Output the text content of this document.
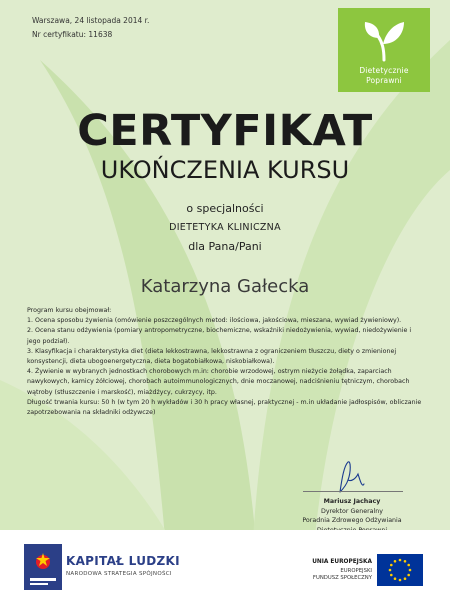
Warszawa, 24 listopada 2014 r.
Nr certyfikatu: 11638
Dietetycznie
Poprawni
CERTYFIKAT
UKOŃCZENIA KURSU
o specjalności
DIETETYKA KLINICZNA
dla Pana/Pani
Katarzyna Gałecka

Program kursu obejmował:

1. Ocena sposobu żywienia (omówienie poszczególnych metod: ilościowa, jakościowa, mieszana, wywiad żywieniowy).

2. Ocena stanu odżywienia (pomiary antropometryczne, biochemiczne, wskaźniki niedożywienia, wywiad, niedożywienie i jego podział).

3. Klasyfikacja i charakterystyka diet (dieta lekkostrawna, lekkostrawna z ograniczeniem tłuszczu, diety o zmienionej konsystencji, dieta ubogoenergetyczna, dieta bogatobiałkowa, niskobiałkowa).

4. Żywienie w wybranych jednostkach chorobowych m.in: chorobie wrzodowej, ostrym nieżycie żołądka, zaparciach nawykowych, kamicy żółciowej, chorobach autoimmunologicznych, dnie moczanowej, nadciśnieniu tętniczym, chorobach wątroby (stłuszczenie i marskość), miażdżycy, cukrzycy, itp.

Długość trwania kursu: 50 h (w tym 20 h wykładów i 30 h pracy własnej, praktycznej - m.in układanie jadłospisów, obliczanie zapotrzebowania na składniki odżywcze)

Mariusz Jachacy
Dyrektor Generalny
Poradnia Zdrowego Odżywiania
KAPITAŁ LUDZKI
NARODOWA STRATEGIA SPÓJNOŚCI
UNIA EUROPEJSKA
EUROPEJSKI
FUNDUSZ SPOŁECZNY
